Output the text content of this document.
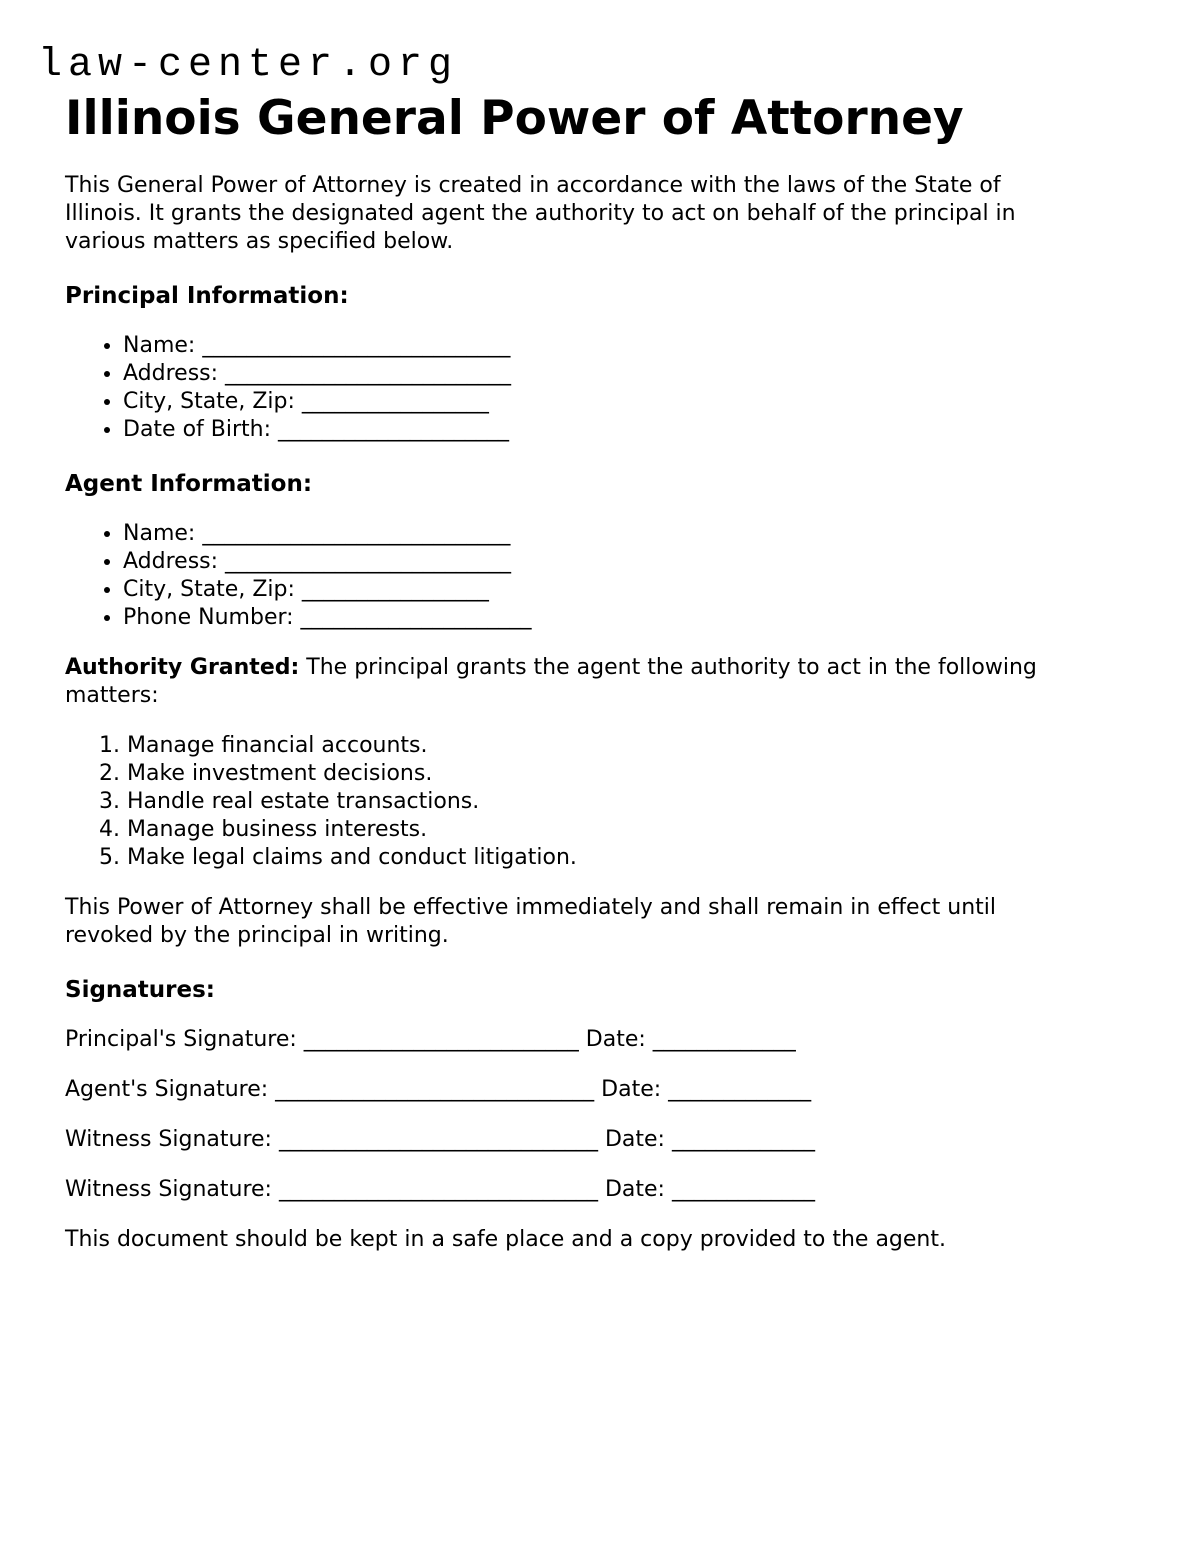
law-center.org
Illinois General Power of Attorney

This General Power of Attorney is created in accordance with the laws of the State of Illinois. It grants the designated agent the authority to act on behalf of the principal in various matters as specified below.

Principal Information:
• Name: ____________________________
• Address: __________________________
• City, State, Zip: _________________
• Date of Birth: _____________________
Agent Information:
• Name: ____________________________
• Address: __________________________
• City, State, Zip: _________________
• Phone Number: _____________________

Authority Granted: The principal grants the agent the authority to act in the following matters:

1. Manage financial accounts.
2. Make investment decisions.
3. Handle real estate transactions.
4. Manage business interests.
5. Make legal claims and conduct litigation.

This Power of Attorney shall be effective immediately and shall remain in effect until revoked by the principal in writing.

Signatures:

Principal's Signature: _________________________ Date: _____________

Agent's Signature: _____________________________ Date: _____________

Witness Signature: _____________________________ Date: _____________

Witness Signature: _____________________________ Date: _____________

This document should be kept in a safe place and a copy provided to the agent.
